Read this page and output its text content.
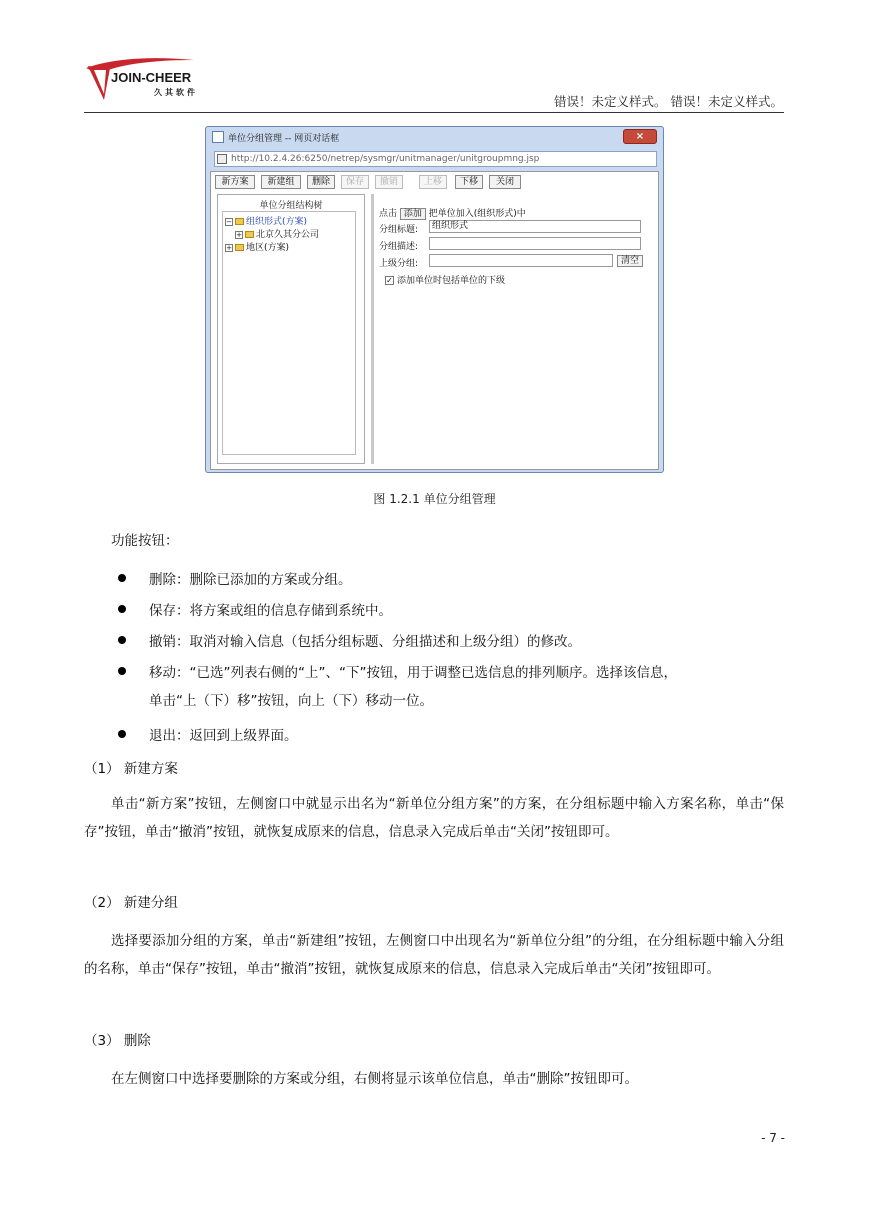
JOIN-CHEER
久其软件
错误！未定义样式。 错误！未定义样式。
单位分组管理 -- 网页对话框	×
http://10.2.4.26:6250/netrep/sysmgr/unitmanager/unitgroupmng.jsp
新方案	新建组	删除	保存	撤销	上移	下移	关闭
单位分组结构树
− 组织形式(方案)
+ 北京久其分公司
+ 地区(方案)
点击 添加 把单位加入(组织形式)中
分组标题:	组织形式
分组描述:
上级分组:	清空
✓ 添加单位时包括单位的下级
图 1.2.1 单位分组管理
功能按钮：
删除：删除已添加的方案或分组。
保存：将方案或组的信息存储到系统中。
撤销：取消对输入信息（包括分组标题、分组描述和上级分组）的修改。
移动：“已选”列表右侧的“上”、“下”按钮，用于调整已选信息的排列顺序。选择该信息，
单击“上（下）移”按钮，向上（下）移动一位。
退出：返回到上级界面。
（1） 新建方案
单击“新方案”按钮，左侧窗口中就显示出名为“新单位分组方案”的方案，在分组标题中输入方案名称，单击“保存”按钮，单击“撤消”按钮，就恢复成原来的信息，信息录入完成后单击“关闭”按钮即可。
（2） 新建分组
选择要添加分组的方案，单击“新建组”按钮，左侧窗口中出现名为“新单位分组”的分组，在分组标题中输入分组的名称，单击“保存”按钮，单击“撤消”按钮，就恢复成原来的信息，信息录入完成后单击“关闭”按钮即可。
（3） 删除
在左侧窗口中选择要删除的方案或分组，右侧将显示该单位信息，单击“删除”按钮即可。
- 7 -
